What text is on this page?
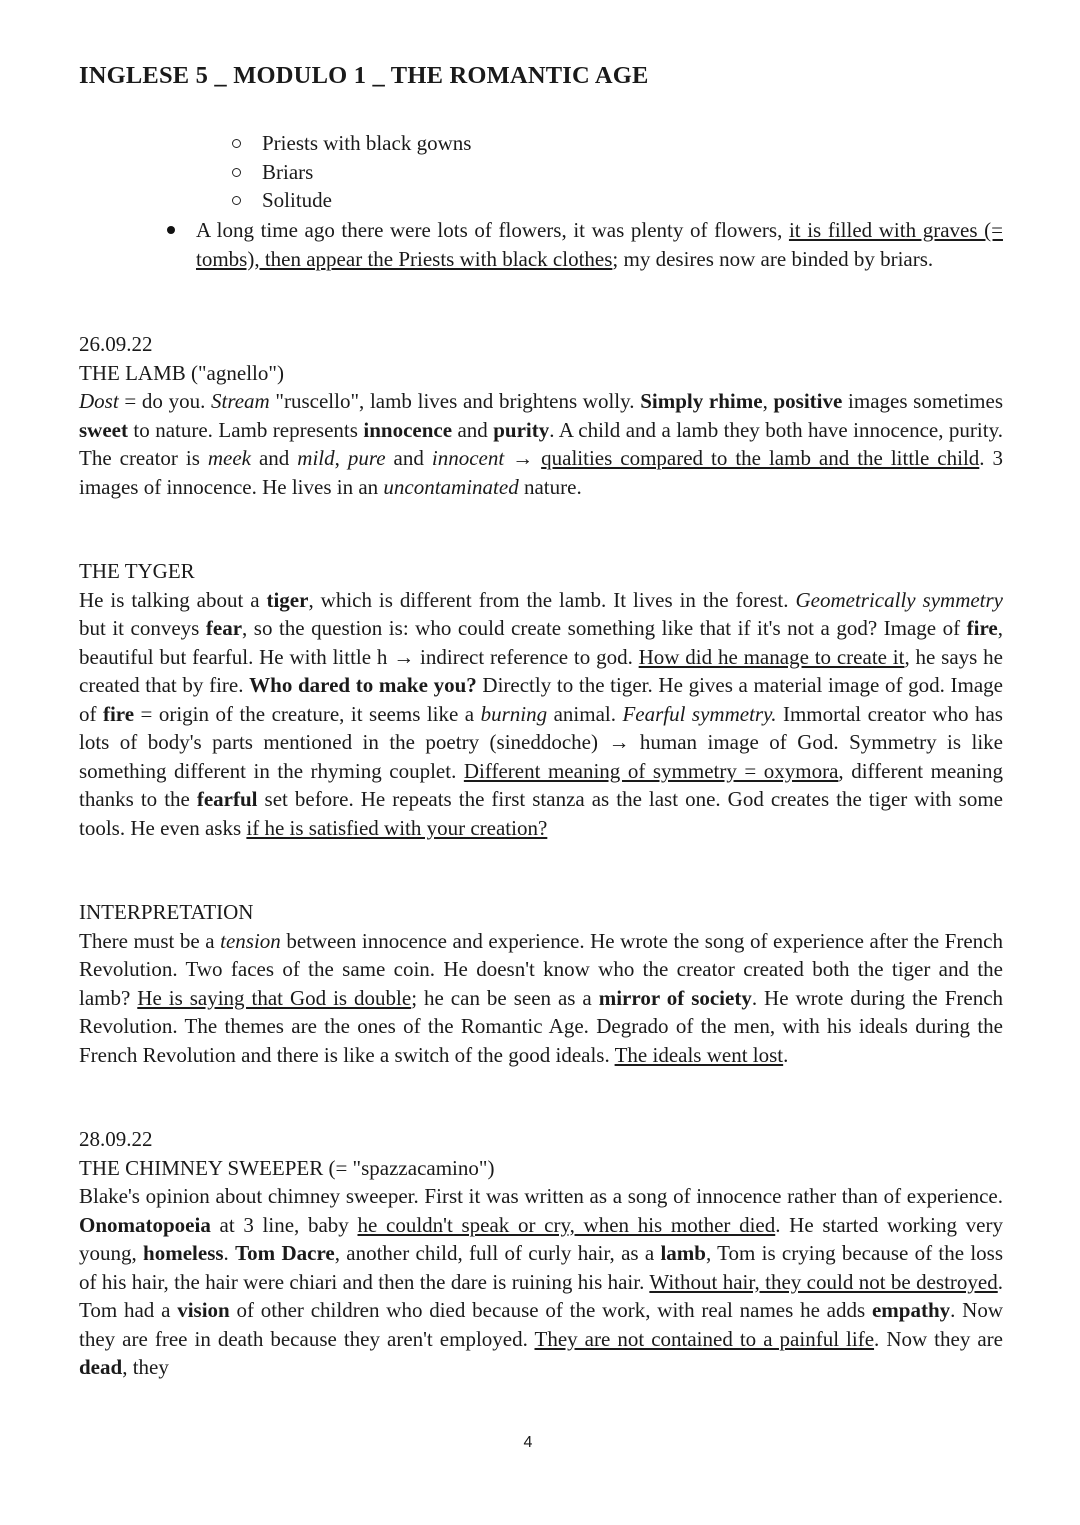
INGLESE 5 _ MODULO 1 _ THE ROMANTIC AGE
Priests with black gowns
Briars
Solitude
A long time ago there were lots of flowers, it was plenty of flowers, it is filled with graves (= tombs), then appear the Priests with black clothes; my desires now are binded by briars.
26.09.22
THE LAMB ("agnello")

Dost = do you. Stream "ruscello", lamb lives and brightens wolly. Simply rhime, positive images sometimes sweet to nature. Lamb represents innocence and purity. A child and a lamb they both have innocence, purity. The creator is meek and mild, pure and innocent → qualities compared to the lamb and the little child. 3 images of innocence. He lives in an uncontaminated nature.

THE TYGER

He is talking about a tiger, which is different from the lamb. It lives in the forest. Geometrically symmetry but it conveys fear, so the question is: who could create something like that if it's not a god? Image of fire, beautiful but fearful. He with little h → indirect reference to god. How did he manage to create it, he says he created that by fire. Who dared to make you? Directly to the tiger. He gives a material image of god. Image of fire = origin of the creature, it seems like a burning animal. Fearful symmetry. Immortal creator who has lots of body's parts mentioned in the poetry (sineddoche) → human image of God. Symmetry is like something different in the rhyming couplet. Different meaning of symmetry = oxymora, different meaning thanks to the fearful set before. He repeats the first stanza as the last one. God creates the tiger with some tools. He even asks if he is satisfied with your creation?

INTERPRETATION

There must be a tension between innocence and experience. He wrote the song of experience after the French Revolution. Two faces of the same coin. He doesn't know who the creator created both the tiger and the lamb? He is saying that God is double; he can be seen as a mirror of society. He wrote during the French Revolution. The themes are the ones of the Romantic Age. Degrado of the men, with his ideals during the French Revolution and there is like a switch of the good ideals. The ideals went lost.

28.09.22
THE CHIMNEY SWEEPER (= "spazzacamino")

Blake's opinion about chimney sweeper. First it was written as a song of innocence rather than of experience. Onomatopoeia at 3 line, baby he couldn't speak or cry, when his mother died. He started working very young, homeless. Tom Dacre, another child, full of curly hair, as a lamb, Tom is crying because of the loss of his hair, the hair were chiari and then the dare is ruining his hair. Without hair, they could not be destroyed. Tom had a vision of other children who died because of the work, with real names he adds empathy. Now they are free in death because they aren't employed. They are not contained to a painful life. Now they are dead, they

4
